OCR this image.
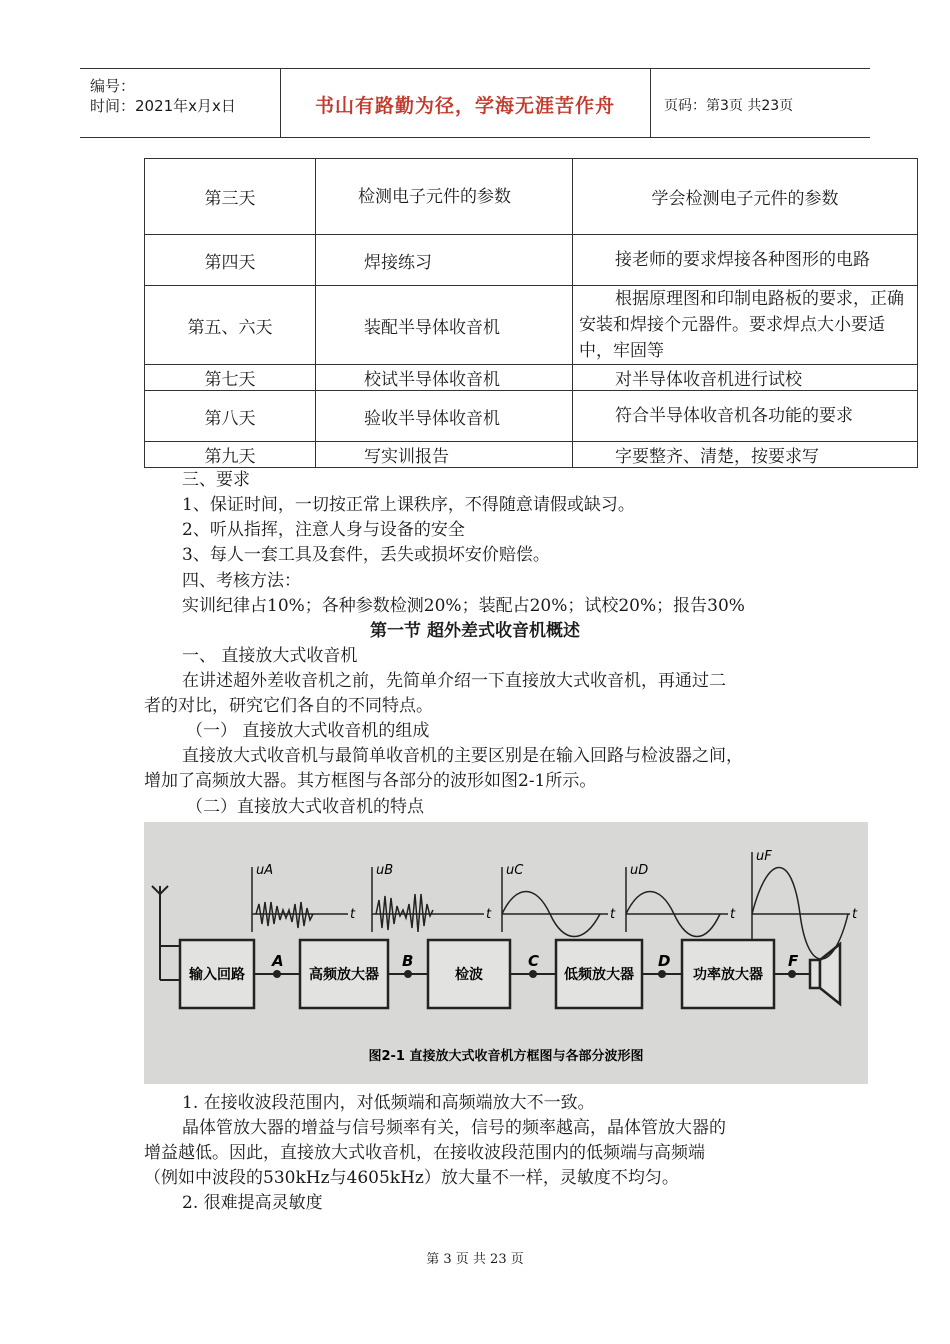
编号：
时间：2021年x月x日	书山有路勤为径，学海无涯苦作舟	页码：第3页 共23页
第三天	检测电子元件的参数	学会检测电子元件的参数
第四天	焊接练习	接老师的要求焊接各种图形的电路
第五、六天	装配半导体收音机	根据原理图和印制电路板的要求，正确安装和焊接个元器件。要求焊点大小要适中，牢固等
第七天	校试半导体收音机	对半导体收音机进行试校
第八天	验收半导体收音机	符合半导体收音机各功能的要求
第九天	写实训报告	字要整齐、清楚，按要求写
三、要求
1、保证时间，一切按正常上课秩序，不得随意请假或缺习。
2、听从指挥，注意人身与设备的安全
3、每人一套工具及套件，丢失或损坏安价赔偿。
四、考核方法：
实训纪律占10%；各种参数检测20%；装配占20%；试校20%；报告30%
第一节 超外差式收音机概述
一、 直接放大式收音机
在讲述超外差收音机之前，先简单介绍一下直接放大式收音机，再通过二
者的对比，研究它们各自的不同特点。
（一） 直接放大式收音机的组成
直接放大式收音机与最简单收音机的主要区别是在输入回路与检波器之间，
增加了高频放大器。其方框图与各部分的波形如图2-1所示。
（二）直接放大式收音机的特点
输入回路	高频放大器	检波	低频放大器	功率放大器
A	B	C	D	F
uA	uB	uC	uD
uF
t	t	t	t	t
图2-1 直接放大式收音机方框图与各部分波形图
1. 在接收波段范围内，对低频端和高频端放大不一致。
晶体管放大器的增益与信号频率有关，信号的频率越高，晶体管放大器的
增益越低。因此，直接放大式收音机，在接收波段范围内的低频端与高频端
（例如中波段的530kHz与4605kHz）放大量不一样，灵敏度不均匀。
2. 很难提高灵敏度
第 3 页 共 23 页
